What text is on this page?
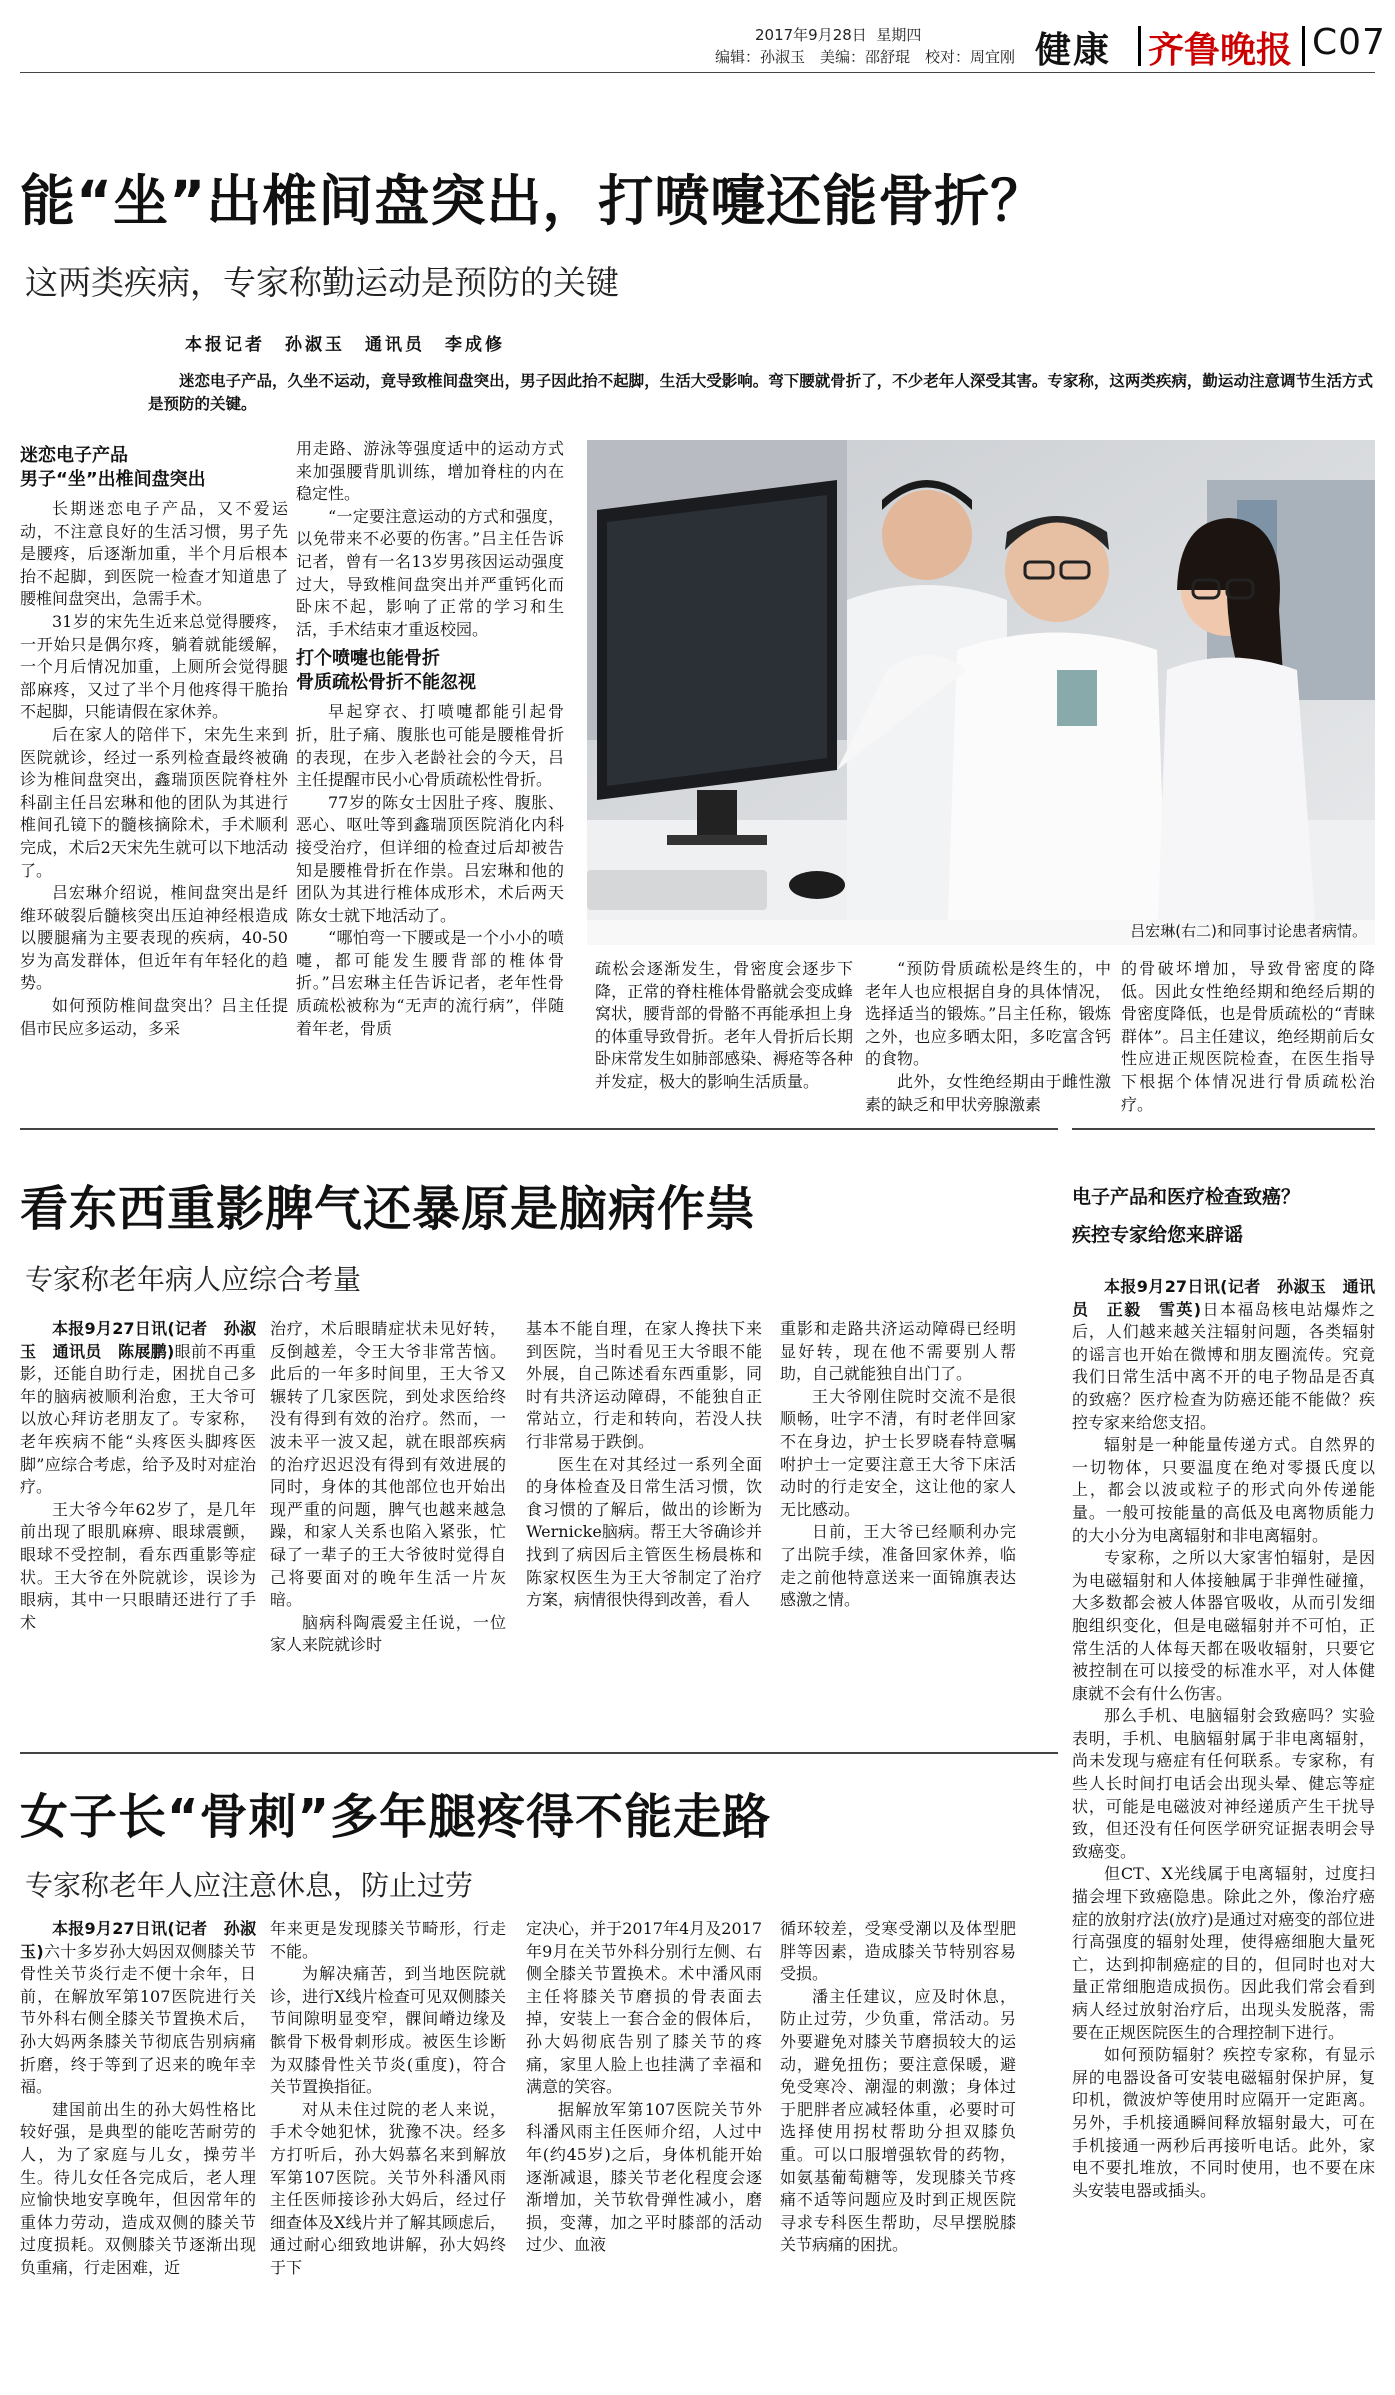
2017年9月28日 星期四
编辑：孙淑玉　美编：邵舒琨　校对：周宜刚 健康 齐鲁晚报 C07
能“坐”出椎间盘突出，打喷嚏还能骨折？
这两类疾病，专家称勤运动是预防的关键
本报记者　孙淑玉　通讯员　李成修
迷恋电子产品，久坐不运动，竟导致椎间盘突出，男子因此抬不起脚，生活大受影响。弯下腰就骨折了，不少老年人深受其害。专家称，这两类疾病，勤运动注意调节生活方式是预防的关键。
迷恋电子产品
男子“坐”出椎间盘突出

长期迷恋电子产品，又不爱运动，不注意良好的生活习惯，男子先是腰疼，后逐渐加重，半个月后根本抬不起脚，到医院一检查才知道患了腰椎间盘突出，急需手术。

31岁的宋先生近来总觉得腰疼，一开始只是偶尔疼，躺着就能缓解，一个月后情况加重，上厕所会觉得腿部麻疼，又过了半个月他疼得干脆抬不起脚，只能请假在家休养。

后在家人的陪伴下，宋先生来到医院就诊，经过一系列检查最终被确诊为椎间盘突出，鑫瑞顶医院脊柱外科副主任吕宏琳和他的团队为其进行椎间孔镜下的髓核摘除术，手术顺利完成，术后2天宋先生就可以下地活动了。

吕宏琳介绍说，椎间盘突出是纤维环破裂后髓核突出压迫神经根造成以腰腿痛为主要表现的疾病，40-50岁为高发群体，但近年有年轻化的趋势。

如何预防椎间盘突出？吕主任提倡市民应多运动，多采

用走路、游泳等强度适中的运动方式来加强腰背肌训练，增加脊柱的内在稳定性。

“一定要注意运动的方式和强度，以免带来不必要的伤害。”吕主任告诉记者，曾有一名13岁男孩因运动强度过大，导致椎间盘突出并严重钙化而卧床不起，影响了正常的学习和生活，手术结束才重返校园。

打个喷嚏也能骨折
骨质疏松骨折不能忽视

早起穿衣、打喷嚏都能引起骨折，肚子痛、腹胀也可能是腰椎骨折的表现，在步入老龄社会的今天，吕主任提醒市民小心骨质疏松性骨折。

77岁的陈女士因肚子疼、腹胀、恶心、呕吐等到鑫瑞顶医院消化内科接受治疗，但详细的检查过后却被告知是腰椎骨折在作祟。吕宏琳和他的团队为其进行椎体成形术，术后两天陈女士就下地活动了。

“哪怕弯一下腰或是一个小小的喷嚏，都可能发生腰背部的椎体骨折。”吕宏琳主任告诉记者，老年性骨质疏松被称为“无声的流行病”，伴随着年老，骨质

吕宏琳(右二)和同事讨论患者病情。

疏松会逐渐发生，骨密度会逐步下降，正常的脊柱椎体骨骼就会变成蜂窝状，腰背部的骨骼不再能承担上身的体重导致骨折。老年人骨折后长期卧床常发生如肺部感染、褥疮等各种并发症，极大的影响生活质量。

“预防骨质疏松是终生的，中老年人也应根据自身的具体情况，选择适当的锻炼。”吕主任称，锻炼之外，也应多晒太阳，多吃富含钙的食物。

此外，女性绝经期由于雌性激素的缺乏和甲状旁腺激素

的骨破坏增加，导致骨密度的降低。因此女性绝经期和绝经后期的骨密度降低，也是骨质疏松的“青睐群体”。吕主任建议，绝经期前后女性应进正规医院检查，在医生指导下根据个体情况进行骨质疏松治疗。

看东西重影脾气还暴原是脑病作祟
专家称老年病人应综合考量

本报9月27日讯(记者　孙淑玉　通讯员　陈展鹏)眼前不再重影，还能自助行走，困扰自己多年的脑病被顺利治愈，王大爷可以放心拜访老朋友了。专家称，老年疾病不能“头疼医头脚疼医脚”应综合考虑，给予及时对症治疗。

王大爷今年62岁了，是几年前出现了眼肌麻痹、眼球震颤，眼球不受控制，看东西重影等症状。王大爷在外院就诊，误诊为眼病，其中一只眼睛还进行了手术

治疗，术后眼睛症状未见好转，反倒越差，令王大爷非常苦恼。此后的一年多时间里，王大爷又辗转了几家医院，到处求医给终没有得到有效的治疗。然而，一波未平一波又起，就在眼部疾病的治疗迟迟没有得到有效进展的同时，身体的其他部位也开始出现严重的问题，脾气也越来越急躁，和家人关系也陷入紧张，忙碌了一辈子的王大爷彼时觉得自己将要面对的晚年生活一片灰暗。

脑病科陶震爱主任说，一位家人来院就诊时

基本不能自理，在家人搀扶下来到医院，当时看见王大爷眼不能外展，自己陈述看东西重影，同时有共济运动障碍，不能独自正常站立，行走和转向，若没人扶行非常易于跌倒。

医生在对其经过一系列全面的身体检查及日常生活习惯，饮食习惯的了解后，做出的诊断为Wernicke脑病。帮王大爷确诊并找到了病因后主管医生杨晨栋和陈家权医生为王大爷制定了治疗方案，病情很快得到改善，看人

重影和走路共济运动障碍已经明显好转，现在他不需要别人帮助，自己就能独自出门了。

王大爷刚住院时交流不是很顺畅，吐字不清，有时老伴回家不在身边，护士长罗晓春特意嘱咐护士一定要注意王大爷下床活动时的行走安全，这让他的家人无比感动。

日前，王大爷已经顺利办完了出院手续，准备回家休养，临走之前他特意送来一面锦旗表达感激之情。

女子长“骨刺”多年腿疼得不能走路
专家称老年人应注意休息，防止过劳

本报9月27日讯(记者　孙淑玉)六十多岁孙大妈因双侧膝关节骨性关节炎行走不便十余年，日前，在解放军第107医院进行关节外科右侧全膝关节置换术后，孙大妈两条膝关节彻底告别病痛折磨，终于等到了迟来的晚年幸福。

建国前出生的孙大妈性格比较好强，是典型的能吃苦耐劳的人，为了家庭与儿女，操劳半生。待儿女任各完成后，老人理应愉快地安享晚年，但因常年的重体力劳动，造成双侧的膝关节过度损耗。双侧膝关节逐渐出现负重痛，行走困难，近

年来更是发现膝关节畸形，行走不能。

为解决痛苦，到当地医院就诊，进行X线片检查可见双侧膝关节间隙明显变窄，髁间嵴边缘及髌骨下极骨刺形成。被医生诊断为双膝骨性关节炎(重度)，符合关节置换指征。

对从未住过院的老人来说，手术令她犯怵，犹豫不决。经多方打听后，孙大妈慕名来到解放军第107医院。关节外科潘风雨主任医师接诊孙大妈后，经过仔细查体及X线片并了解其顾虑后，通过耐心细致地讲解，孙大妈终于下

定决心，并于2017年4月及2017年9月在关节外科分别行左侧、右侧全膝关节置换术。术中潘风雨主任将膝关节磨损的骨表面去掉，安装上一套合金的假体后，孙大妈彻底告别了膝关节的疼痛，家里人脸上也挂满了幸福和满意的笑容。

据解放军第107医院关节外科潘风雨主任医师介绍，人过中年(约45岁)之后，身体机能开始逐渐减退，膝关节老化程度会逐渐增加，关节软骨弹性减小，磨损，变薄，加之平时膝部的活动过少、血液

循环较差，受寒受潮以及体型肥胖等因素，造成膝关节特别容易受损。

潘主任建议，应及时休息，防止过劳，少负重，常活动。另外要避免对膝关节磨损较大的运动，避免扭伤；要注意保暖，避免受寒冷、潮湿的刺激；身体过于肥胖者应减轻体重，必要时可选择使用拐杖帮助分担双膝负重。可以口服增强软骨的药物，如氨基葡萄糖等，发现膝关节疼痛不适等问题应及时到正规医院寻求专科医生帮助，尽早摆脱膝关节病痛的困扰。

电子产品和医疗检查致癌？
疾控专家给您来辟谣

本报9月27日讯(记者　孙淑玉　通讯员　正毅　雪英)日本福岛核电站爆炸之后，人们越来越关注辐射问题，各类辐射的谣言也开始在微博和朋友圈流传。究竟我们日常生活中离不开的电子物品是否真的致癌？医疗检查为防癌还能不能做？疾控专家来给您支招。

辐射是一种能量传递方式。自然界的一切物体，只要温度在绝对零摄氏度以上，都会以波或粒子的形式向外传递能量。一般可按能量的高低及电离物质能力的大小分为电离辐射和非电离辐射。

专家称，之所以大家害怕辐射，是因为电磁辐射和人体接触属于非弹性碰撞，大多数都会被人体器官吸收，从而引发细胞组织变化，但是电磁辐射并不可怕，正常生活的人体每天都在吸收辐射，只要它被控制在可以接受的标准水平，对人体健康就不会有什么伤害。

那么手机、电脑辐射会致癌吗？实验表明，手机、电脑辐射属于非电离辐射，尚未发现与癌症有任何联系。专家称，有些人长时间打电话会出现头晕、健忘等症状，可能是电磁波对神经递质产生干扰导致，但还没有任何医学研究证据表明会导致癌变。

但CT、X光线属于电离辐射，过度扫描会埋下致癌隐患。除此之外，像治疗癌症的放射疗法(放疗)是通过对癌变的部位进行高强度的辐射处理，使得癌细胞大量死亡，达到抑制癌症的目的，但同时也对大量正常细胞造成损伤。因此我们常会看到病人经过放射治疗后，出现头发脱落，需要在正规医院医生的合理控制下进行。

如何预防辐射？疾控专家称，有显示屏的电器设备可安装电磁辐射保护屏，复印机，微波炉等使用时应隔开一定距离。另外，手机接通瞬间释放辐射最大，可在手机接通一两秒后再接听电话。此外，家电不要扎堆放，不同时使用，也不要在床头安装电器或插头。
